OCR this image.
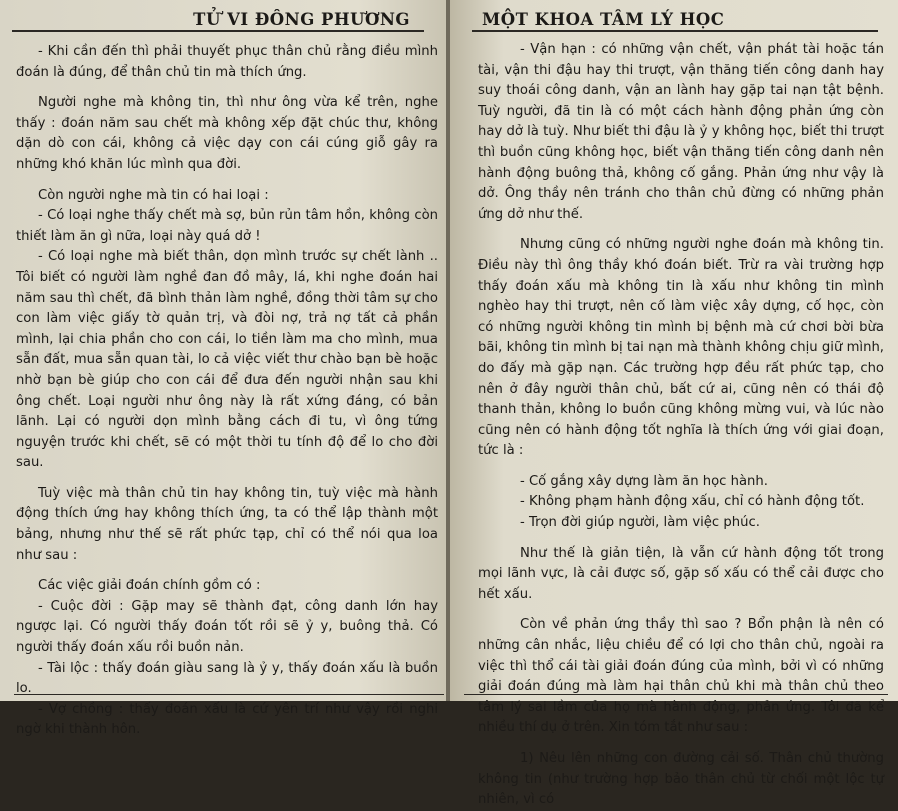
TỬ VI ĐÔNG PHƯƠNG

- Khi cần đến thì phải thuyết phục thân chủ rằng điều mình đoán là đúng, để thân chủ tin mà thích ứng.

Người nghe mà không tin, thì như ông vừa kể trên, nghe thấy : đoán năm sau chết mà không xếp đặt chúc thư, không dặn dò con cái, không cả việc dạy con cái cúng giỗ gây ra những khó khăn lúc mình qua đời.

Còn người nghe mà tin có hai loại :

- Có loại nghe thấy chết mà sợ, bủn rủn tâm hồn, không còn thiết làm ăn gì nữa, loại này quá dở !

- Có loại nghe mà biết thân, dọn mình trước sự chết lành .. Tôi biết có người làm nghề đan đồ mây, lá, khi nghe đoán hai năm sau thì chết, đã bình thản làm nghề, đồng thời tâm sự cho con làm việc giấy tờ quản trị, và đòi nợ, trả nợ tất cả phần mình, lại chia phần cho con cái, lo tiền làm ma cho mình, mua sẵn đất, mua sẵn quan tài, lo cả việc viết thư chào bạn bè hoặc nhờ bạn bè giúp cho con cái để đưa đến người nhận sau khi ông chết. Loại người như ông này là rất xứng đáng, có bản lãnh. Lại có người dọn mình bằng cách đi tu, vì ông tứng nguyện trước khi chết, sẽ có một thời tu tính độ để lo cho đời sau.

Tuỳ việc mà thân chủ tin hay không tin, tuỳ việc mà hành động thích ứng hay không thích ứng, ta có thể lập thành một bảng, nhưng như thế sẽ rất phức tạp, chỉ có thể nói qua loa như sau :

Các việc giải đoán chính gồm có :

- Cuộc đời : Gặp may sẽ thành đạt, công danh lớn hay ngược lại. Có người thấy đoán tốt rồi sẽ ỷ y, buông thả. Có người thấy đoán xấu rồi buồn nản.

- Tài lộc : thấy đoán giàu sang là ỷ y, thấy đoán xấu là buồn lo.

- Vợ chồng : thấy đoán xấu là cứ yên trí như vậy rồi nghi ngờ khi thành hôn.

MỘT KHOA TÂM LÝ HỌC

- Vận hạn : có những vận chết, vận phát tài hoặc tán tài, vận thi đậu hay thi trượt, vận thăng tiến công danh hay suy thoái công danh, vận an lành hay gặp tai nạn tật bệnh. Tuỳ người, đã tin là có một cách hành động phản ứng còn hay dở là tuỳ. Như biết thi đậu là ỷ y không học, biết thi trượt thì buồn cũng không học, biết vận thăng tiến công danh nên hành động buông thả, không cố gắng. Phản ứng như vậy là dở. Ông thầy nên tránh cho thân chủ đừng có những phản ứng dở như thế.

Nhưng cũng có những người nghe đoán mà không tin. Điều này thì ông thầy khó đoán biết. Trừ ra vài trường hợp thấy đoán xấu mà không tin là xấu như không tin mình nghèo hay thi trượt, nên cố làm việc xây dựng, cố học, còn có những người không tin mình bị bệnh mà cứ chơi bời bừa bãi, không tin mình bị tai nạn mà thành không chịu giữ mình, do đấy mà gặp nạn. Các trường hợp đều rất phức tạp, cho nên ở đây người thân chủ, bất cứ ai, cũng nên có thái độ thanh thản, không lo buồn cũng không mừng vui, và lúc nào cũng nên có hành động tốt nghĩa là thích ứng với giai đoạn, tức là :

- Cố gắng xây dựng làm ăn học hành.

- Không phạm hành động xấu, chỉ có hành động tốt.

- Trọn đời giúp người, làm việc phúc.

Như thế là giản tiện, là vẫn cứ hành động tốt trong mọi lãnh vực, là cải được số, gặp số xấu có thể cải được cho hết xấu.

Còn về phản ứng thầy thì sao ? Bổn phận là nên có những cân nhắc, liệu chiều để có lợi cho thân chủ, ngoài ra việc thì thổ cái tài giải đoán đúng của mình, bởi vì có những giải đoán đúng mà làm hại thân chủ khi mà thân chủ theo tâm lý sai lầm của họ mà hành động, phản ứng. Tôi đã kể nhiều thí dụ ở trên. Xin tóm tắt như sau :

1) Nêu lên những con đường cải số. Thân chủ thường không tin (như trường hợp bảo thân chủ từ chối một lộc tự nhiên, vì có
